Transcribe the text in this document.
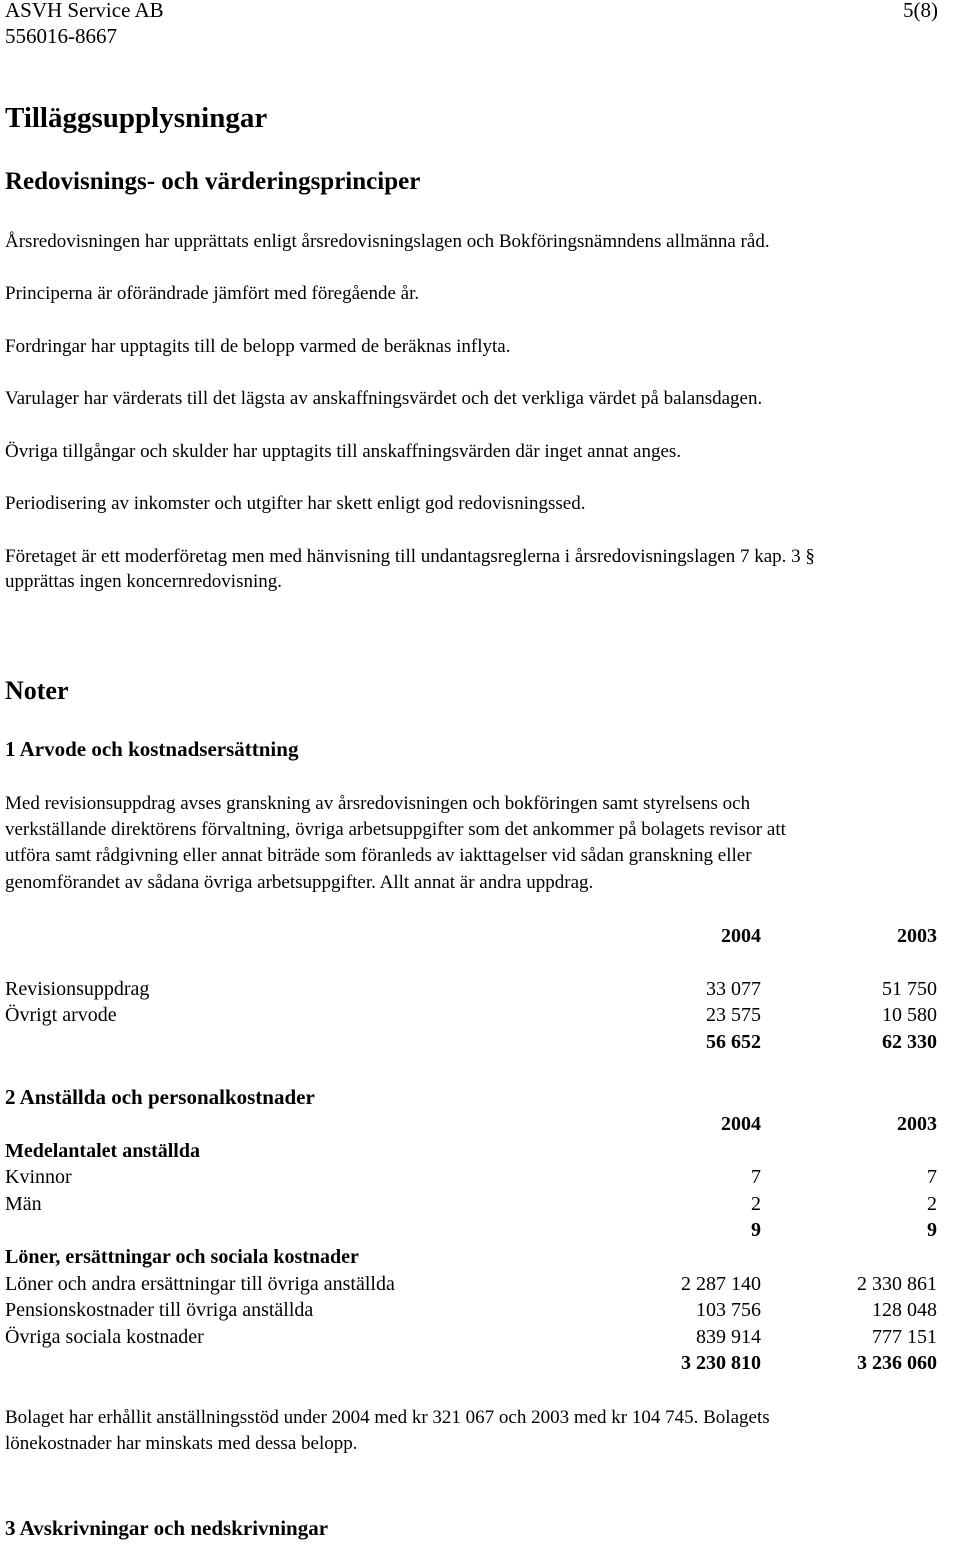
ASVH Service AB
556016-8667
5(8)
Tilläggsupplysningar
Redovisnings- och värderingsprinciper
Årsredovisningen har upprättats enligt årsredovisningslagen och Bokföringsnämndens allmänna råd.
Principerna är oförändrade jämfört med föregående år.
Fordringar har upptagits till de belopp varmed de beräknas inflyta.
Varulager har värderats till det lägsta av anskaffningsvärdet och det verkliga värdet på balansdagen.
Övriga tillgångar och skulder har upptagits till anskaffningsvärden där inget annat anges.
Periodisering av inkomster och utgifter har skett enligt god redovisningssed.
Företaget är ett moderföretag men med hänvisning till undantagsreglerna i årsredovisningslagen 7 kap. 3 §
upprättas ingen koncernredovisning.
Noter
1 Arvode och kostnadsersättning
Med revisionsuppdrag avses granskning av årsredovisningen och bokföringen samt styrelsens och
verkställande direktörens förvaltning, övriga arbetsuppgifter som det ankommer på bolagets revisor att
utföra samt rådgivning eller annat biträde som föranleds av iakttagelser vid sådan granskning eller
genomförandet av sådana övriga arbetsuppgifter. Allt annat är andra uppdrag.
2004	2003
Revisionsuppdrag	33 077	51 750
Övrigt arvode	23 575	10 580
56 652	62 330
2 Anställda och personalkostnader
2004	2003
Medelantalet anställda
Kvinnor	7	7
Män	2	2
9	9
Löner, ersättningar och sociala kostnader
Löner och andra ersättningar till övriga anställda	2 287 140	2 330 861
Pensionskostnader till övriga anställda	103 756	128 048
Övriga sociala kostnader	839 914	777 151
3 230 810	3 236 060
Bolaget har erhållit anställningsstöd under 2004 med kr 321 067 och 2003 med kr 104 745. Bolagets
lönekostnader har minskats med dessa belopp.
3 Avskrivningar och nedskrivningar
